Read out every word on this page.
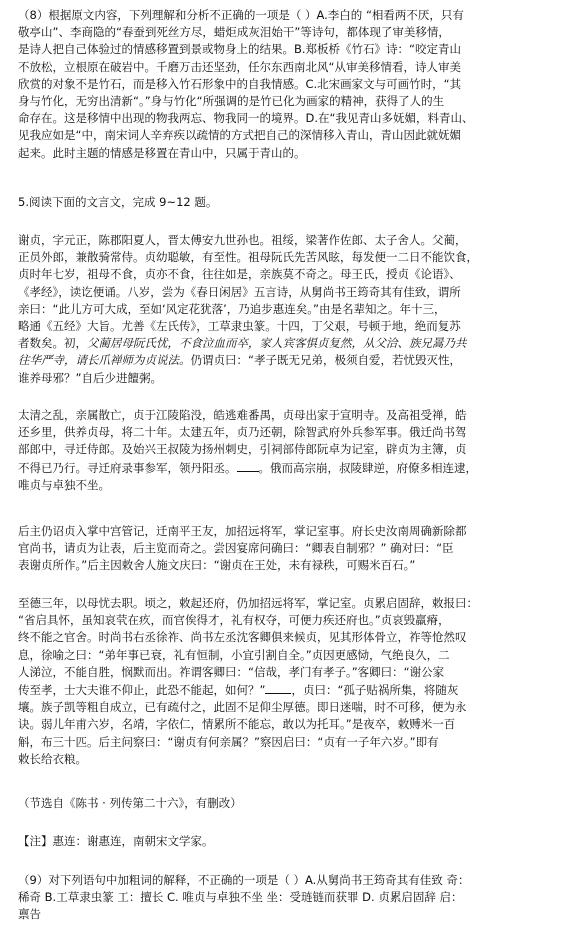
（8）根据原文内容，下列理解和分析不正确的一项是（ ）A.李白的 “相看两不厌，只有
敬亭山”、李商隐的“春蚕到死丝方尽，蜡炬成灰泪始干”等诗句，都体现了审美移情，
是诗人把自己体验过的情感移置到景或物身上的结果。B.郑板桥《竹石》诗：“咬定青山
不放松，立根原在破岩中。千磨万击还坚劲，任尔东西南北风“从审美移情看，诗人审美
欣赏的对象不是竹石，而是移入竹石形象中的自我情感。C.北宋画家文与可画竹时，“其
身与竹化，无穷出清新“。”身与竹化“所强调的是竹已化为画家的精神，获得了人的生
命存在。这是移情中出现的物我两忘、物我同一的境界。D.在“我见青山多妩媚，料青山、
见我应如是“中，南宋词人辛弃疾以疏情的方式把自己的深情移入青山，青山因此就妩媚
起来。此时主题的情感是移置在青山中，只属于青山的。
5.阅读下面的文言文，完成 9~12 题。
谢贞，字元正，陈郡阳夏人，晋太傅安九世孙也。祖绥，梁著作佐郎、太子舍人。父蔺，
正员外郎，兼散骑常侍。贞幼聪敏，有至性。祖母阮氏先苦风眩，每发便一二日不能饮食，
贞时年七岁，祖母不食，贞亦不食，往往如是，亲族莫不奇之。母王氏，授贞《论语》、
《孝经》，读讫便诵。八岁，尝为《春日闲居》五言诗，从舅尚书王筠奇其有佳致，谓所
亲曰：“此儿方可大成，至如‘风定花犹落’，乃追步惠连矣。”由是名辈知之。年十三，
略通《五经》大旨。尤善《左氏传》，工草隶虫篆。十四，丁父艰，号顿于地，绝而复苏
者数矣。初，父蔺居母阮氏忧，不食泣血而卒，家人宾客惧贞复然，从父洽、族兄暠乃共
往华严寺，请长爪禅师为贞说法。仍谓贞曰：“孝子既无兄弟，极须自爱，若忧毁灭性，
谁养母邪？”自后少进饘粥。
太清之乱，亲属散亡，贞于江陵陷没，皓逃难番禺，贞母出家于宣明寺。及高祖受禅，皓
还乡里，供养贞母，将二十年。太建五年，贞乃还朝，除智武府外兵参军事。俄迁尚书驾
部郎中，寻迁侍郎。及始兴王叔陵为扬州刺史，引祠部侍郎阮卓为记室，辟贞为主簿，贞
不得已乃行。寻迁府录事参军，领丹阳丞。 。俄而高宗崩，叔陵肆逆，府僚多相连逮，
唯贞与卓独不坐。
后主仍诏贞入掌中宫管记，迁南平王友，加招远将军，掌记室事。府长史汝南周确新除都
官尚书，请贞为让表，后主览而奇之。尝因宴席问确曰：“卿表自制邪？” 确对曰：“臣
表谢贞所作。”后主因敕舍人施文庆曰：“谢贞在王处，未有禄秩，可赐米百石。”
至德三年，以母忧去职。顷之，敕起还府，仍加招远将军，掌记室。贞累启固辞，敕报曰：
“省启具怀，虽知哀茕在疚，而官俟得才，礼有权夺，可便力疾还府也。”贞哀毁羸瘠，
终不能之官舍。时尚书右丞徐祚、尚书左丞沈客卿俱来候贞，见其形体骨立，祚等怆然叹
息，徐喻之曰：“弟年事已衰，礼有恒制，小宜引割自全。”贞因更感恸，气绝良久，二
人涕泣，不能自胜，悯默而出。祚谓客卿曰：“信哉，孝门有孝子。”客卿曰：“谢公家
传至孝，士大夫谁不仰止，此恐不能起，如何？” ，贞曰：“孤子贴祸所集，将随灰
壤。族子凯等粗自成立，已有疏付之，此固不足仰尘厚德。即日迷喘，时不可移，便为永
诀。弱儿年甫六岁，名靖，字依仁，情累所不能忘，敢以为托耳。”是夜卒，敕赙米一百
斛，布三十匹。后主问察曰：“谢贞有何亲属？”察因启曰：“贞有一子年六岁。”即有
敕长给衣粮。
（节选自《陈书 · 列传第二十六》，有删改）
【注】惠连：谢惠连，南朝宋文学家。
（9）对下列语句中加粗词的解释，不正确的一项是（ ）A.从舅尚书王筠奇其有佳致 奇：
稀奇 B.工草隶虫篆 工：擅长 C. 唯贞与卓独不坐 坐：受琏链而获罪 D. 贞累启固辞 启：
禀告
